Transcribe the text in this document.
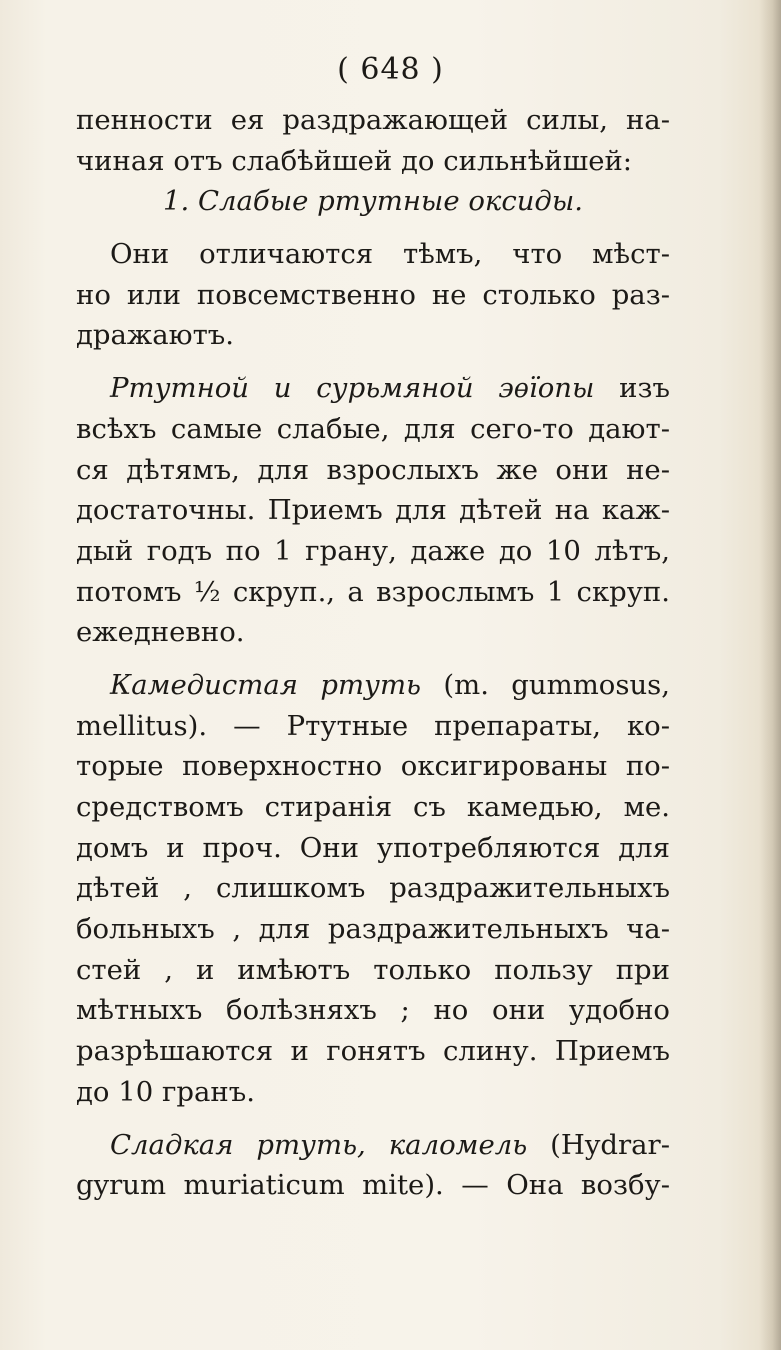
( 648 )
пенности ея раздражающей силы, на-
чиная отъ слабѣйшей до сильнѣйшей:
1. Слабые ртутные оксиды.
Они отличаются тѣмъ, что мѣст-
но или повсемственно не столько раз-
дражаютъ.
Ртутной и сурьмяной эѳїопы изъ
всѣхъ самые слабые, для сего-то дают-
ся дѣтямъ, для взрослыхъ же они не-
достаточны. Приемъ для дѣтей на каж-
дый годъ по 1 грану, даже до 10 лѣтъ,
потомъ ½ скруп., а взрослымъ 1 скруп.
ежедневно.
Камедистая ртуть (m. gummosus,
mellitus). — Ртутные препараты, ко-
торые поверхностно оксигированы по-
средствомъ стиранія съ камедью, ме.
домъ и проч. Они употребляются для
дѣтей , слишкомъ раздражительныхъ
больныхъ , для раздражительныхъ ча-
стей , и имѣютъ только пользу при
мѣтныхъ болѣзняхъ ; но они удобно
разрѣшаются и гонятъ слину. Приемъ
до 10 гранъ.
Сладкая ртуть, каломель (Hydrar-
gyrum muriaticum mite). — Она возбу-
